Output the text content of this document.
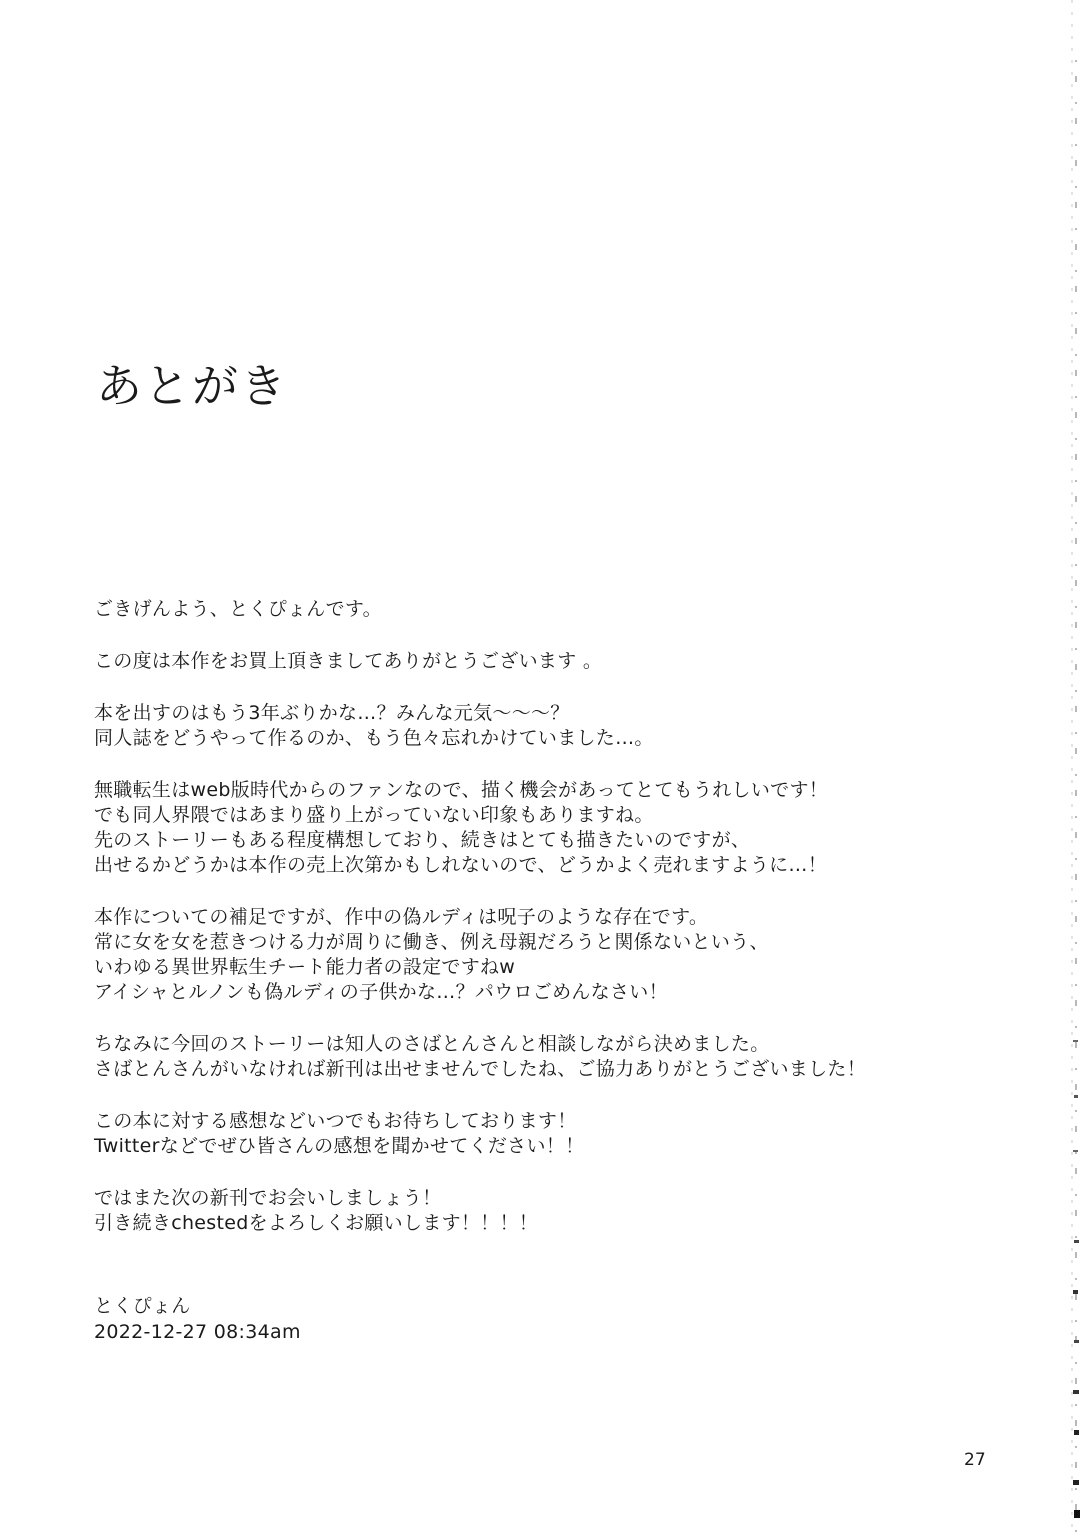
あとがき
ごきげんよう、とくぴょんです。
この度は本作をお買上頂きましてありがとうございます 。
本を出すのはもう3年ぶりかな…？みんな元気～～～？
同人誌をどうやって作るのか、もう色々忘れかけていました…。
無職転生はweb版時代からのファンなので、描く機会があってとてもうれしいです！
でも同人界隈ではあまり盛り上がっていない印象もありますね。
先のストーリーもある程度構想しており、続きはとても描きたいのですが、
出せるかどうかは本作の売上次第かもしれないので、どうかよく売れますように…！
本作についての補足ですが、作中の偽ルディは呪子のような存在です。
常に女を女を惹きつける力が周りに働き、例え母親だろうと関係ないという、
いわゆる異世界転生チート能力者の設定ですねw
アイシャとルノンも偽ルディの子供かな…？パウロごめんなさい！
ちなみに今回のストーリーは知人のさばとんさんと相談しながら決めました。
さばとんさんがいなければ新刊は出せませんでしたね、ご協力ありがとうございました！
この本に対する感想などいつでもお待ちしております！
Twitterなどでぜひ皆さんの感想を聞かせてください！！
ではまた次の新刊でお会いしましょう！
引き続きchestedをよろしくお願いします！！！！
とくぴょん
2022-12-27 08:34am
27
